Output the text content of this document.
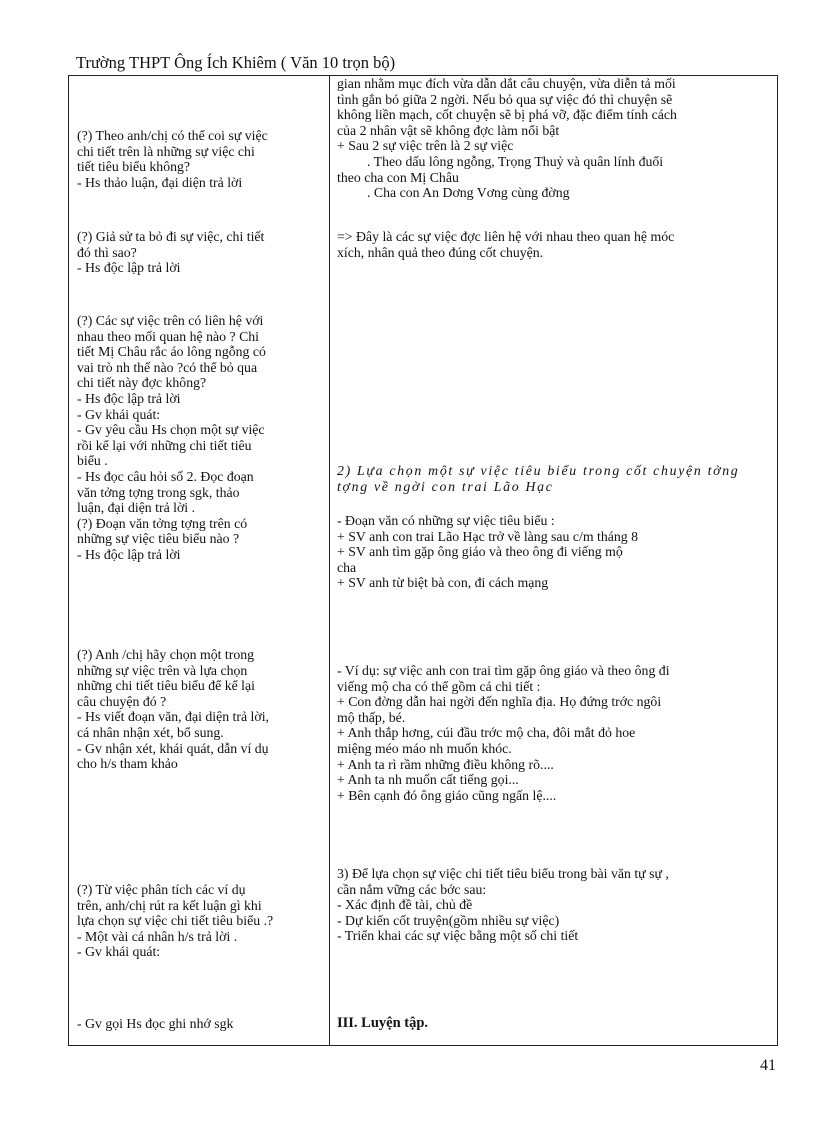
Trường THPT Ông Ích Khiêm ( Văn 10 trọn bộ)

(?) Theo anh/chị có thể coi sự việc

chi tiết trên là những sự việc chi

tiết tiêu biểu không?

- Hs thảo luận, đại diện trả lời

gian nhằm mục đích vừa dẫn dắt câu chuyện, vừa diễn tả mối

tình gắn bó giữa 2 ngời. Nếu bỏ qua sự việc đó thì chuyện sẽ

không liền mạch, cốt chuyện sẽ bị phá vỡ, đặc điểm tính cách

của 2 nhân vật sẽ không đợc làm nổi bật

+ Sau 2 sự việc trên là 2 sự việc

. Theo dấu lông ngỗng, Trọng Thuỷ và quân lính đuổi

theo cha con Mị Châu

. Cha con An Dơng Vơng cùng đờng

(?) Giả sử ta bỏ đi sự việc, chi tiết

đó thì sao?

- Hs độc lập trả lời

=> Đây là các sự việc đợc liên hệ với nhau theo quan hệ móc

xích, nhân quả theo đúng cốt chuyện.

(?) Các sự việc trên có liên hệ với

nhau theo mối quan hệ nào ? Chi

tiết Mị Châu rắc áo lông ngỗng có

vai trò nh thế nào ?có thể bỏ qua

chi tiết này đợc không?

- Hs độc lập trả lời

- Gv khái quát:

- Gv yêu cầu Hs chọn một sự việc

rồi kể lại với những chi tiết tiêu

biểu .

- Hs đọc câu hỏi số 2. Đọc đoạn

văn tởng tợng trong sgk, thảo

luận, đại diện trả lời .

(?) Đoạn văn tởng tợng trên có

những sự việc tiêu biểu nào ?

- Hs độc lập trả lời

2) Lựa chọn một sự việc tiêu biểu trong cốt chuyện tởng

tợng về ngời con trai Lão Hạc

- Đoạn văn có những sự việc tiêu biểu :

+ SV anh con trai Lão Hạc trở về làng sau c/m tháng 8

+ SV anh tìm gặp ông giáo và theo ông đi viếng mộ

cha

+ SV anh từ biệt bà con, đi cách mạng

(?) Anh /chị hãy chọn một trong

những sự việc trên và lựa chọn

những chi tiết tiêu biểu để kể lại

câu chuyện đó ?

- Hs viết đoạn văn, đại diện trả lời,

cá nhân nhận xét, bổ sung.

- Gv nhận xét, khái quát, dẫn ví dụ

cho h/s tham khảo

- Ví dụ: sự việc anh con trai tìm gặp ông giáo và theo ông đi

viếng mộ cha có thể gồm cá chi tiết :

+ Con đờng dẫn hai ngời đến nghĩa địa. Họ đứng trớc ngôi

mộ thấp, bé.

+ Anh thắp hơng, cúi đầu trớc mộ cha, đôi mắt đỏ hoe

miệng méo máo nh muốn khóc.

+ Anh ta rì rầm những điều không rõ....

+ Anh ta nh muốn cất tiếng gọi...

+ Bên cạnh đó ông giáo cũng ngấn lệ....

(?) Từ việc phân tích các ví dụ

trên, anh/chị rút ra kết luận gì khi

lựa chọn sự việc chi tiết tiêu biểu .?

- Một vài cá nhân h/s trả lời .

- Gv khái quát:

3) Để lựa chọn sự việc chi tiết tiêu biểu trong bài văn tự sự ,

cần nắm vững các bớc sau:

- Xác định đề tài, chủ đề

- Dự kiến cốt truyện(gồm nhiều sự việc)

- Triển khai các sự việc bằng một số chi tiết

- Gv gọi Hs đọc ghi nhớ sgk	III. Luyện tập.

41
